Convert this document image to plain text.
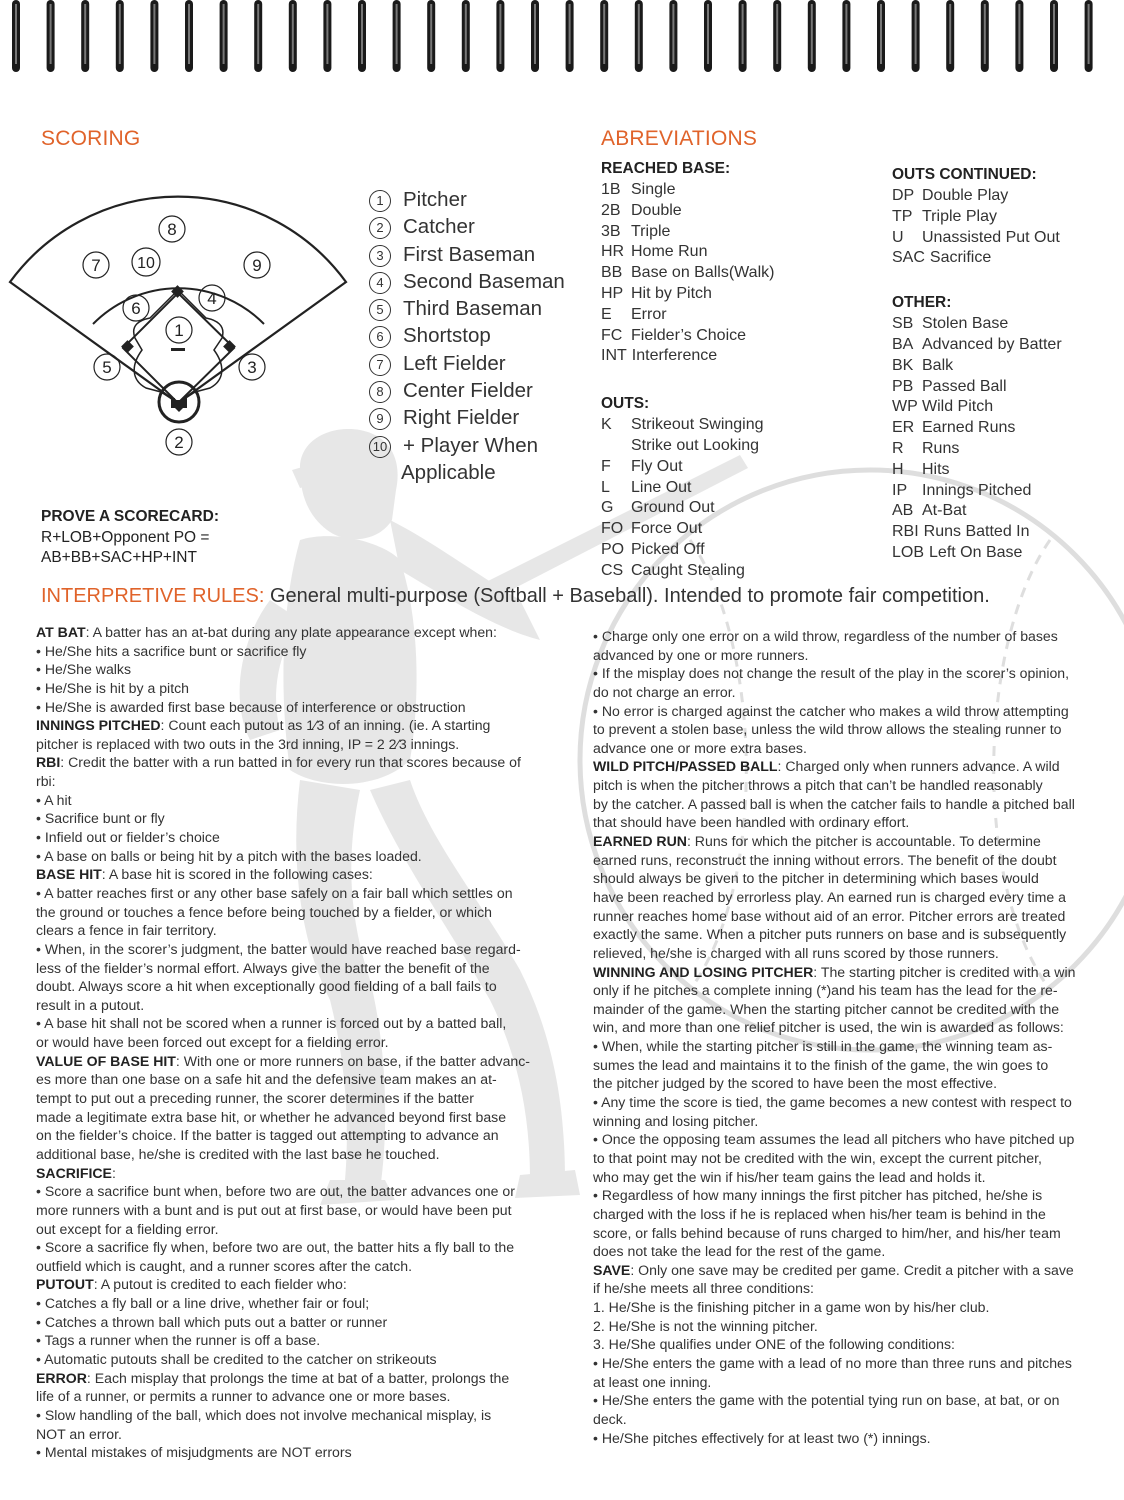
SCORING
1
2
3
4
5
6
7
8
9
10
1 Pitcher
2 Catcher
3 First Baseman
4 Second Baseman
5 Third Baseman
6 Shortstop
7 Left Fielder
8 Center Fielder
9 Right Fielder
10 + Player When
Applicable
ABREVIATIONS
REACHED BASE:
1B Single
2B Double
3B Triple
HR Home Run
BB Base on Balls(Walk)
HP Hit by Pitch
E Error
FC Fielder’s Choice
INT Interference
OUTS:
K Strikeout Swinging
Strike out Looking
F Fly Out
L Line Out
G Ground Out
FO Force Out
PO Picked Off
CS Caught Stealing
OUTS CONTINUED:
DP Double Play
TP Triple Play
U Unassisted Put Out
SAC Sacrifice
OTHER:
SB Stolen Base
BA Advanced by Batter
BK Balk
PB Passed Ball
WP Wild Pitch
ER Earned Runs
R Runs
H Hits
IP Innings Pitched
AB At-Bat
RBI Runs Batted In
LOB Left On Base
PROVE A SCORECARD:
R+LOB+Opponent PO =
AB+BB+SAC+HP+INT
INTERPRETIVE RULES: General multi-purpose (Softball + Baseball). Intended to promote fair competition.
AT BAT: A batter has an at-bat during any plate appearance except when:
• He/She hits a sacrifice bunt or sacrifice fly
• He/She walks
• He/She is hit by a pitch
• He/She is awarded first base because of interference or obstruction
INNINGS PITCHED: Count each putout as 1⁄3 of an inning. (ie. A starting
pitcher is replaced with two outs in the 3rd inning, IP = 2 2⁄3 innings.
RBI: Credit the batter with a run batted in for every run that scores because of
rbi:
• A hit
• Sacrifice bunt or fly
• Infield out or fielder’s choice
• A base on balls or being hit by a pitch with the bases loaded.
BASE HIT: A base hit is scored in the following cases:
• A batter reaches first or any other base safely on a fair ball which settles on
the ground or touches a fence before being touched by a fielder, or which
clears a fence in fair territory.
• When, in the scorer’s judgment, the batter would have reached base regard-
less of the fielder’s normal effort. Always give the batter the benefit of the
doubt. Always score a hit when exceptionally good fielding of a ball fails to
result in a putout.
• A base hit shall not be scored when a runner is forced out by a batted ball,
or would have been forced out except for a fielding error.
VALUE OF BASE HIT: With one or more runners on base, if the batter advanc-
es more than one base on a safe hit and the defensive team makes an at-
tempt to put out a preceding runner, the scorer determines if the batter
made a legitimate extra base hit, or whether he advanced beyond first base
on the fielder’s choice. If the batter is tagged out attempting to advance an
additional base, he/she is credited with the last base he touched.
SACRIFICE:
• Score a sacrifice bunt when, before two are out, the batter advances one or
more runners with a bunt and is put out at first base, or would have been put
out except for a fielding error.
• Score a sacrifice fly when, before two are out, the batter hits a fly ball to the
outfield which is caught, and a runner scores after the catch.
PUTOUT: A putout is credited to each fielder who:
• Catches a fly ball or a line drive, whether fair or foul;
• Catches a thrown ball which puts out a batter or runner
• Tags a runner when the runner is off a base.
• Automatic putouts shall be credited to the catcher on strikeouts
ERROR: Each misplay that prolongs the time at bat of a batter, prolongs the
life of a runner, or permits a runner to advance one or more bases.
• Slow handling of the ball, which does not involve mechanical misplay, is
NOT an error.
• Mental mistakes of misjudgments are NOT errors
• Charge only one error on a wild throw, regardless of the number of bases
advanced by one or more runners.
• If the misplay does not change the result of the play in the scorer’s opinion,
do not charge an error.
• No error is charged against the catcher who makes a wild throw attempting
to prevent a stolen base, unless the wild throw allows the stealing runner to
advance one or more extra bases.
WILD PITCH/PASSED BALL: Charged only when runners advance. A wild
pitch is when the pitcher throws a pitch that can’t be handled reasonably
by the catcher. A passed ball is when the catcher fails to handle a pitched ball
that should have been handled with ordinary effort.
EARNED RUN: Runs for which the pitcher is accountable. To determine
earned runs, reconstruct the inning without errors. The benefit of the doubt
should always be given to the pitcher in determining which bases would
have been reached by errorless play. An earned run is charged every time a
runner reaches home base without aid of an error. Pitcher errors are treated
exactly the same. When a pitcher puts runners on base and is subsequently
relieved, he/she is charged with all runs scored by those runners.
WINNING AND LOSING PITCHER: The starting pitcher is credited with a win
only if he pitches a complete inning (*)and his team has the lead for the re-
mainder of the game. When the starting pitcher cannot be credited with the
win, and more than one relief pitcher is used, the win is awarded as follows:
• When, while the starting pitcher is still in the game, the winning team as-
sumes the lead and maintains it to the finish of the game, the win goes to
the pitcher judged by the scored to have been the most effective.
• Any time the score is tied, the game becomes a new contest with respect to
winning and losing pitcher.
• Once the opposing team assumes the lead all pitchers who have pitched up
to that point may not be credited with the win, except the current pitcher,
who may get the win if his/her team gains the lead and holds it.
• Regardless of how many innings the first pitcher has pitched, he/she is
charged with the loss if he is replaced when his/her team is behind in the
score, or falls behind because of runs charged to him/her, and his/her team
does not take the lead for the rest of the game.
SAVE: Only one save may be credited per game. Credit a pitcher with a save
if he/she meets all three conditions:
1. He/She is the finishing pitcher in a game won by his/her club.
2. He/She is not the winning pitcher.
3. He/She qualifies under ONE of the following conditions:
• He/She enters the game with a lead of no more than three runs and pitches
at least one inning.
• He/She enters the game with the potential tying run on base, at bat, or on
deck.
• He/She pitches effectively for at least two (*) innings.
